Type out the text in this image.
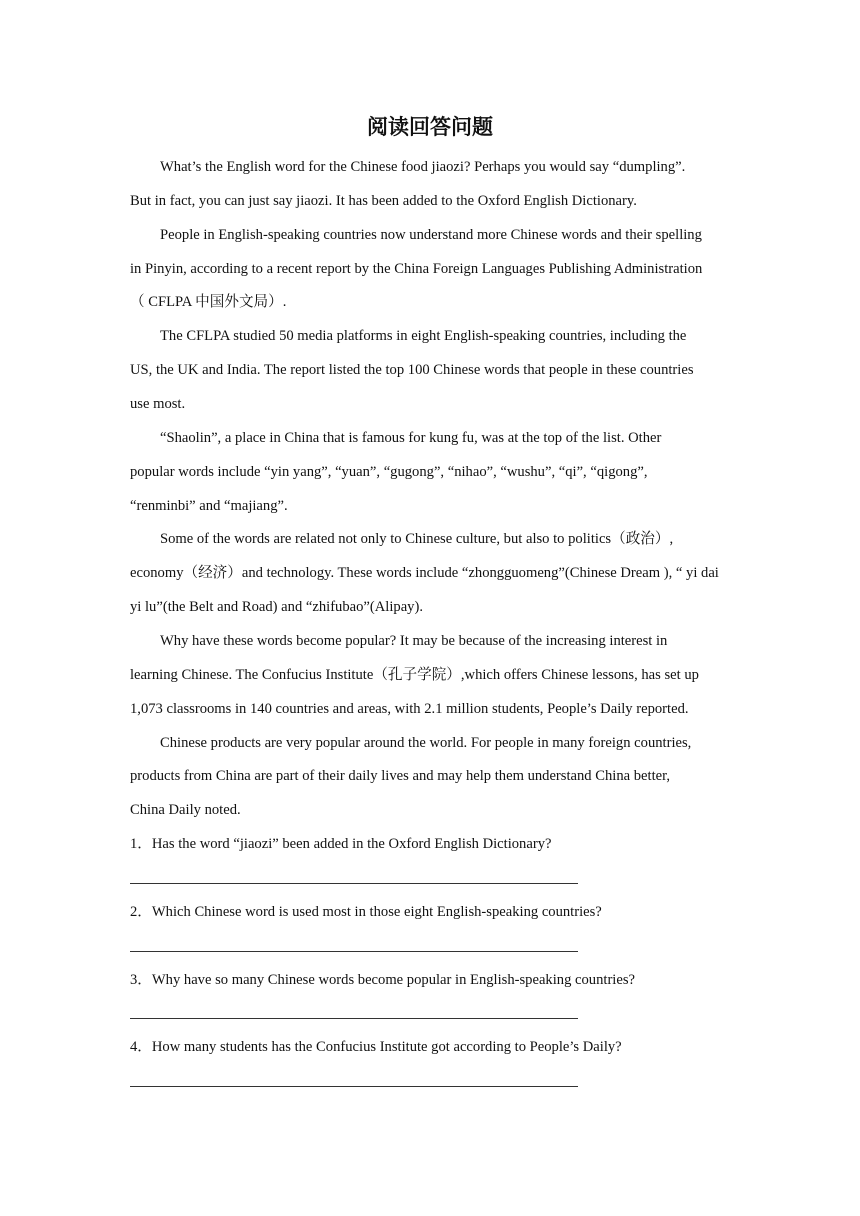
阅读回答问题
What’s the English word for the Chinese food jiaozi? Perhaps you would say “dumpling”.
But in fact, you can just say jiaozi. It has been added to the Oxford English Dictionary.
People in English-speaking countries now understand more Chinese words and their spelling
in Pinyin, according to a recent report by the China Foreign Languages Publishing Administration
（ CFLPA 中国外文局）.
The CFLPA studied 50 media platforms in eight English-speaking countries, including the
US, the UK and India. The report listed the top 100 Chinese words that people in these countries
use most.
“Shaolin”, a place in China that is famous for kung fu, was at the top of the list. Other
popular words include “yin yang”, “yuan”, “gugong”, “nihao”, “wushu”, “qi”, “qigong”,
“renminbi” and “majiang”.
Some of the words are related not only to Chinese culture, but also to politics（政治）,
economy（经济）and technology. These words include “zhongguomeng”(Chinese Dream ), “ yi dai
yi lu”(the Belt and Road) and “zhifubao”(Alipay).
Why have these words become popular? It may be because of the increasing interest in
learning Chinese. The Confucius Institute（孔子学院）,which offers Chinese lessons, has set up
1,073 classrooms in 140 countries and areas, with 2.1 million students, People’s Daily reported.
Chinese products are very popular around the world. For people in many foreign countries,
products from China are part of their daily lives and may help them understand China better,
China Daily noted.
1．Has the word “jiaozi” been added in the Oxford English Dictionary?
2．Which Chinese word is used most in those eight English-speaking countries?
3．Why have so many Chinese words become popular in English-speaking countries?
4．How many students has the Confucius Institute got according to People’s Daily?
